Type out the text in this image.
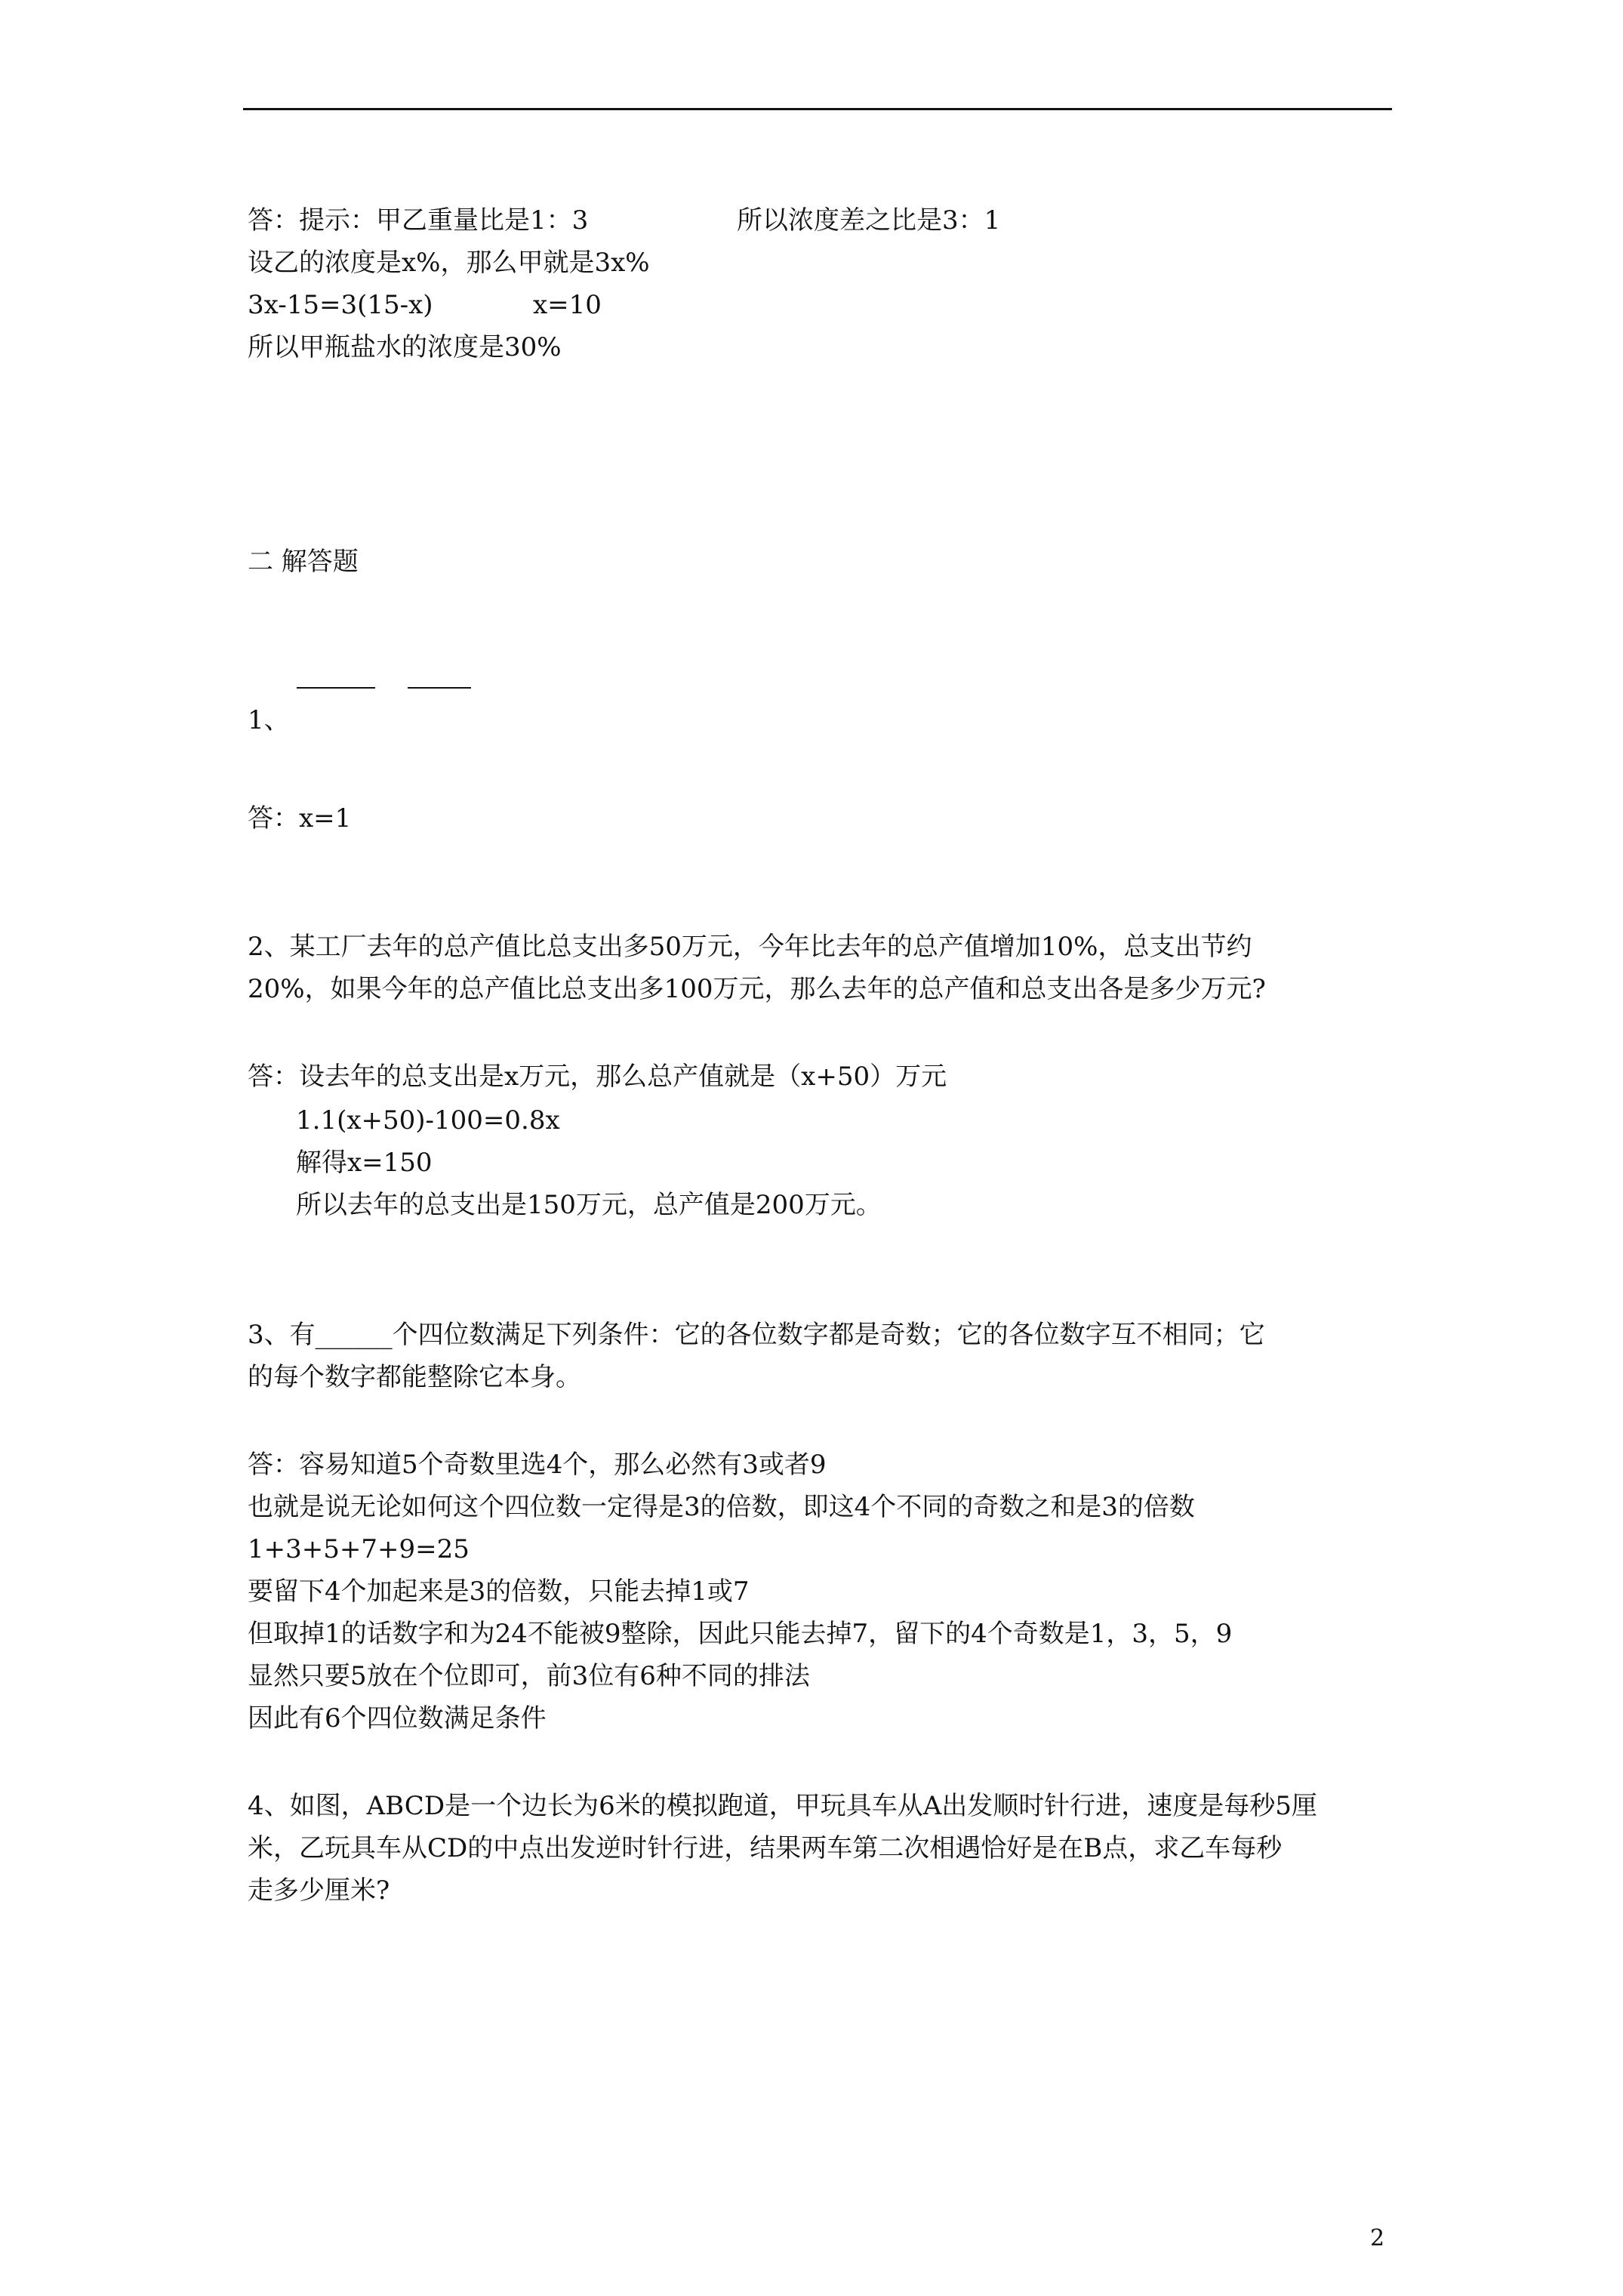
答：提示：甲乙重量比是1：3	所以浓度差之比是3：1

设乙的浓度是x%，那么甲就是3x%

3x-15=3(15-x)	x=10

所以甲瓶盐水的浓度是30%

二 解答题

1、

答：x=1

2、某工厂去年的总产值比总支出多50万元，今年比去年的总产值增加10%，总支出节约

20%，如果今年的总产值比总支出多100万元，那么去年的总产值和总支出各是多少万元?

答：设去年的总支出是x万元，那么总产值就是（x+50）万元

1.1(x+50)-100=0.8x

解得x=150

所以去年的总支出是150万元，总产值是200万元。

3、有______个四位数满足下列条件：它的各位数字都是奇数；它的各位数字互不相同；它

的每个数字都能整除它本身。

答：容易知道5个奇数里选4个，那么必然有3或者9

也就是说无论如何这个四位数一定得是3的倍数，即这4个不同的奇数之和是3的倍数

1+3+5+7+9=25

要留下4个加起来是3的倍数，只能去掉1或7

但取掉1的话数字和为24不能被9整除，因此只能去掉7，留下的4个奇数是1，3，5，9

显然只要5放在个位即可，前3位有6种不同的排法

因此有6个四位数满足条件

4、如图，ABCD是一个边长为6米的模拟跑道，甲玩具车从A出发顺时针行进，速度是每秒5厘

米，乙玩具车从CD的中点出发逆时针行进，结果两车第二次相遇恰好是在B点，求乙车每秒

走多少厘米?

2
